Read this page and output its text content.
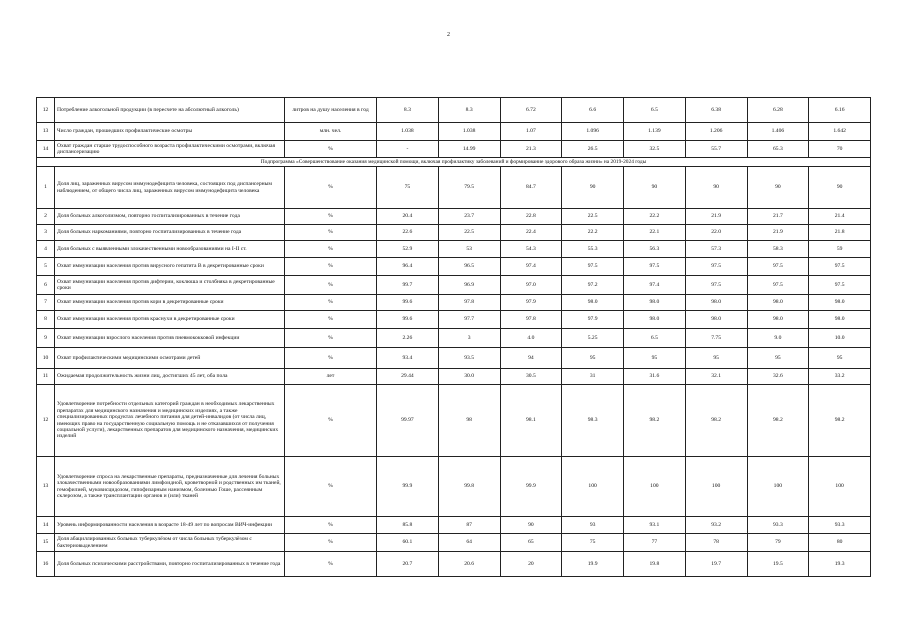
2
12	Потребление алкогольной продукции (в пересчете на абсолютный алкоголь)	литров на душу населения в год	8.3	8.3	6.72	6.6	6.5	6.38	6.28	6.16
13	Число граждан, прошедших профилактические осмотры	млн. чел.	1.038	1.038	1.07	1.096	1.139	1.206	1.406	1.642
14	Охват граждан старше трудоспособного возраста профилактическими осмотрами, включая диспансеризацию	%	-	14.99	21.3	26.5	32.5	55.7	65.3	70
Подпрограмма «Совершенствование оказания медицинской помощи, включая профилактику заболеваний и формирование здорового образа жизни» на 2019-2024 годы										
1	Доля лиц, зараженных вирусом иммунодефицита человека, состоящих под диспансерным наблюдением, от общего числа лиц, зараженных вирусом иммунодефицита человека	%	75	79.5	84.7	90	90	90	90	90
2	Доля больных алкоголизмом, повторно госпитализированных в течение года	%	20.4	23.7	22.8	22.5	22.2	21.9	21.7	21.4
3	Доля больных наркоманиями, повторно госпитализированных в течение года	%	22.6	22.5	22.4	22.2	22.1	22.0	21.9	21.8
4	Доля больных с выявленными злокачественными новообразованиями на I-II ст.	%	52.9	53	54.3	55.3	56.3	57.3	58.3	59
5	Охват иммунизации населения против вирусного гепатита В в декретированные сроки	%	96.4	96.5	97.4	97.5	97.5	97.5	97.5	97.5
6	Охват иммунизации населения против дифтерии, коклюша и столбняка в декретированные сроки	%	99.7	96.9	97.0	97.2	97.4	97.5	97.5	97.5
7	Охват иммунизации населения против кори в декретированные сроки	%	99.6	97.8	97.9	98.0	98.0	98.0	98.0	98.0
8	Охват иммунизации населения против краснухи в декретированные сроки	%	99.6	97.7	97.8	97.9	98.0	98.0	98.0	98.0
9	Охват иммунизации взрослого населения против пневмококковой инфекции	%	2.26	3	4.0	5.25	6.5	7.75	9.0	10.0
10	Охват профилактическими медицинскими осмотрами детей	%	93.4	93.5	94	95	95	95	95	95
11	Ожидаемая продолжительность жизни лиц, достигших 45 лет, оба пола	лет	29.44	30.0	30.5	31	31.6	32.1	32.6	33.2
12	Удовлетворение потребности отдельных категорий граждан в необходимых лекарственных препаратах для медицинского назначения и медицинских изделиях, а также специализированных продуктах лечебного питания для детей-инвалидов (от числа лиц, имеющих право на государственную социальную помощь и не отказавшихся от получения социальной услуги), лекарственных препаратов для медицинского назначения, медицинских изделий	%	99.97	98	98.1	98.3	98.2	98.2	98.2	98.2
13	Удовлетворение спроса на лекарственные препараты, предназначенные для лечения больных злокачественными новообразованиями лимфоидной, кроветворной и родственных им тканей, гемофилией, муковисцидозом, гипофизарным нанизмом, болезнью Гоше, рассеянным склерозом, а также трансплантации органов и (или) тканей	%	99.9	99.8	99.9	100	100	100	100	100
14	Уровень информированности населения в возрасте 18-49 лет по вопросам ВИЧ-инфекции	%	85.8	87	90	93	93.1	93.2	93.3	93.3
15	Доля абациллированных больных туберкулёзом от числа больных туберкулёзом с бактериовыделением	%	60.1	64	65	75	77	78	79	80
16	Доля больных психическими расстройствами, повторно госпитализированных в течение года	%	20.7	20.6	20	19.9	19.8	19.7	19.5	19.3
